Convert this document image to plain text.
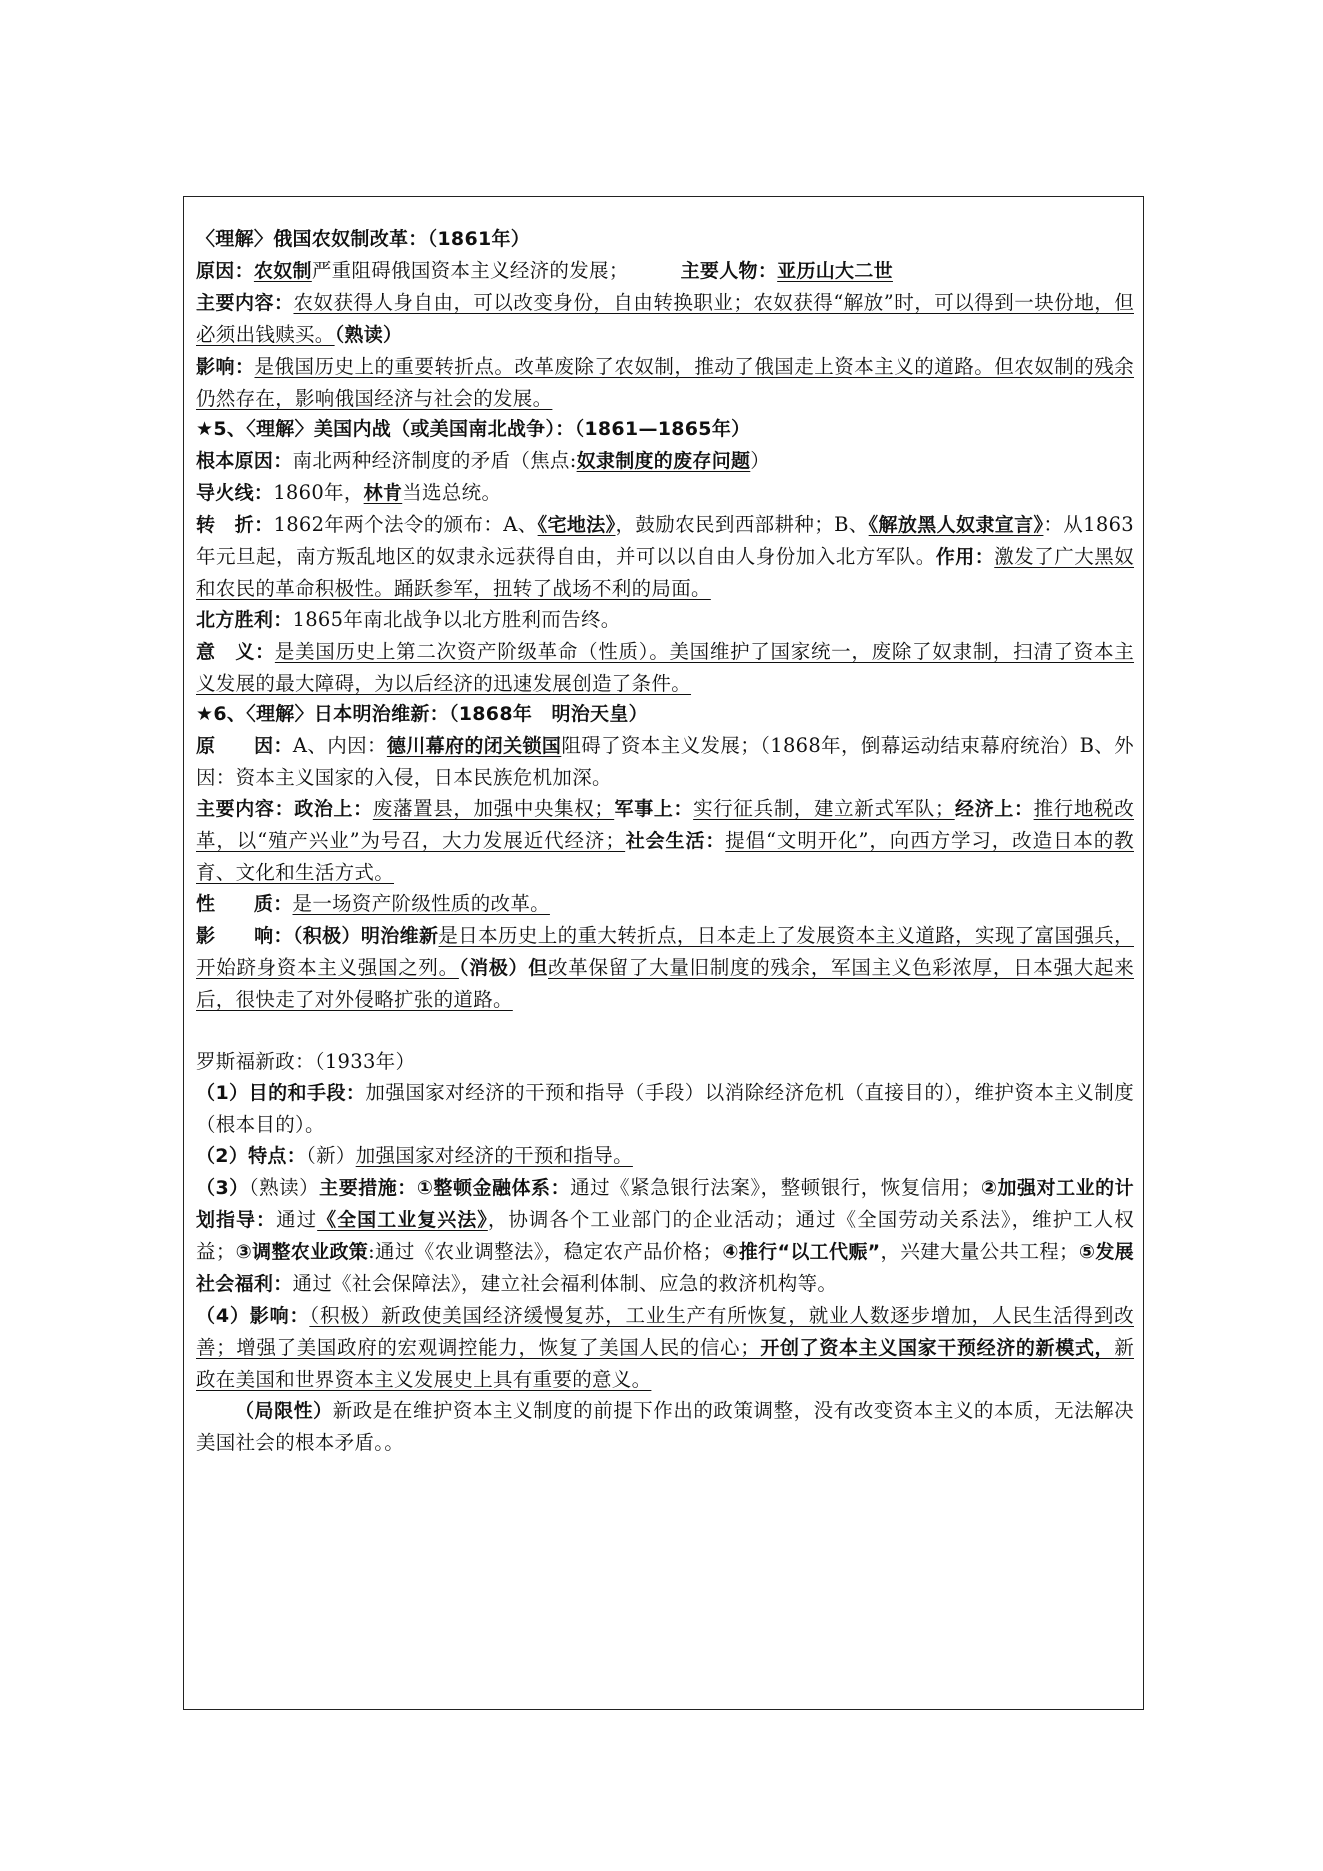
〈理解〉俄国农奴制改革：（1861年）

原因：农奴制严重阻碍俄国资本主义经济的发展；	主要人物：亚历山大二世

主要内容：农奴获得人身自由，可以改变身份，自由转换职业；农奴获得“解放”时，可以得到一块份地，但必须出钱赎买。（熟读）

影响：是俄国历史上的重要转折点。改革废除了农奴制，推动了俄国走上资本主义的道路。但农奴制的残余仍然存在，影响俄国经济与社会的发展。

★5、〈理解〉美国内战（或美国南北战争）：（1861—1865年）

根本原因：南北两种经济制度的矛盾（焦点:奴隶制度的废存问题）

导火线：1860年，林肯当选总统。

转　折：1862年两个法令的颁布：A、《宅地法》，鼓励农民到西部耕种；B、《解放黑人奴隶宣言》：从1863年元旦起，南方叛乱地区的奴隶永远获得自由，并可以以自由人身份加入北方军队。作用：激发了广大黑奴和农民的革命积极性。踊跃参军，扭转了战场不利的局面。

北方胜利：1865年南北战争以北方胜利而告终。

意　义：是美国历史上第二次资产阶级革命（性质）。美国维护了国家统一，废除了奴隶制，扫清了资本主义发展的最大障碍，为以后经济的迅速发展创造了条件。

★6、〈理解〉日本明治维新：（1868年　明治天皇）

原　　因：A、内因：德川幕府的闭关锁国阻碍了资本主义发展；（1868年，倒幕运动结束幕府统治）B、外因：资本主义国家的入侵，日本民族危机加深。

主要内容：政治上：废藩置县，加强中央集权；军事上：实行征兵制，建立新式军队；经济上：推行地税改革，以“殖产兴业”为号召，大力发展近代经济；社会生活：提倡“文明开化”，向西方学习，改造日本的教育、文化和生活方式。

性　　质：是一场资产阶级性质的改革。

影　　响：（积极）明治维新是日本历史上的重大转折点，日本走上了发展资本主义道路，实现了富国强兵，开始跻身资本主义强国之列。（消极）但改革保留了大量旧制度的残余，军国主义色彩浓厚，日本强大起来后，很快走了对外侵略扩张的道路。

罗斯福新政：（1933年）

（1）目的和手段：加强国家对经济的干预和指导（手段）以消除经济危机（直接目的），维护资本主义制度（根本目的）。

（2）特点：（新）加强国家对经济的干预和指导。

（3）（熟读）主要措施：①整顿金融体系：通过《紧急银行法案》，整顿银行，恢复信用；②加强对工业的计划指导：通过《全国工业复兴法》，协调各个工业部门的企业活动；通过《全国劳动关系法》，维护工人权益；③调整农业政策:通过《农业调整法》，稳定农产品价格；④推行“以工代赈”，兴建大量公共工程；⑤发展社会福利：通过《社会保障法》，建立社会福利体制、应急的救济机构等。

（4）影响：（积极）新政使美国经济缓慢复苏，工业生产有所恢复，就业人数逐步增加，人民生活得到改善；增强了美国政府的宏观调控能力，恢复了美国人民的信心；开创了资本主义国家干预经济的新模式，新政在美国和世界资本主义发展史上具有重要的意义。

（局限性）新政是在维护资本主义制度的前提下作出的政策调整，没有改变资本主义的本质，无法解决美国社会的根本矛盾。。
